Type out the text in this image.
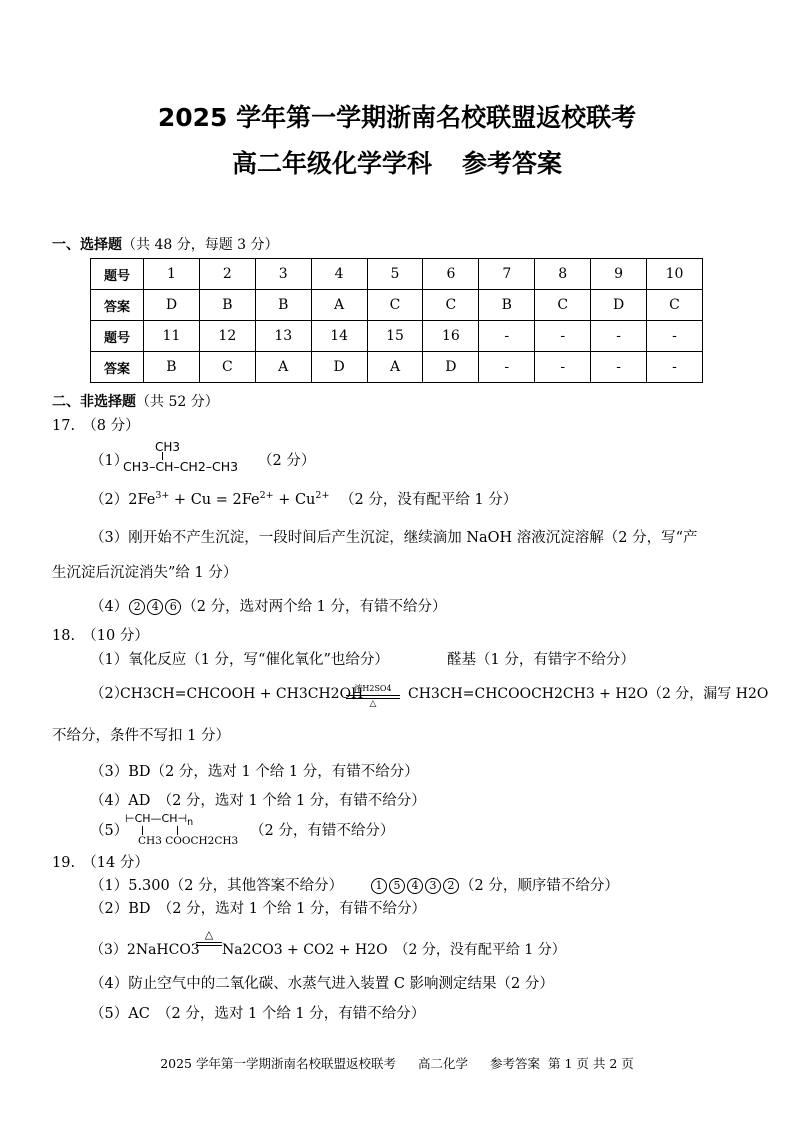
2025 学年第一学期浙南名校联盟返校联考
高二年级化学学科 参考答案
一、选择题（共 48 分，每题 3 分）
题号	1	2	3	4	5	6	7	8	9	10
答案	D	B	B	A	C	C	B	C	D	C
题号	11	12	13	14	15	16	-	-	-	-
答案	B	C	A	D	A	D	-	-	-	-
二、非选择题（共 52 分）
17.　（8 分）
（1）
CH3
CH3–CH–CH2–CH3 （2 分）
$(2)2Fe^{3+} + Cu = 2Fe^{2+} + Cu^{2+}$ （2 分，没有配平给 1 分）
（3）刚开始不产生沉淀，一段时间后产生沉淀，继续滴加 NaOH 溶液沉淀溶解（2 分，写“产
生沉淀后沉淀消失”给 1 分）
（4） 2 4 6 （2 分，选对两个给 1 分，有错不给分）
18.　（10 分）
（1）氧化反应（1 分，写“催化氧化”也给分）	醛基（1 分，有错字不给分）
（2）
CH3CH=CHCOOH + CH3CH2OH
浓H2SO4
△
CH3CH=CHCOOCH2CH3 + H2O（2 分，漏写 H2O
不给分，条件不写扣 1 分）
（3）BD（2 分，选对 1 个给 1 分，有错不给分）
（4）AD　（2 分，选对 1 个给 1 分，有错不给分）
（5）
$⊢CH—CH⊣_n$
CH3 COOCH2CH3
（2 分，有错不给分）
19.　（14 分）
（1）5.300（2 分，其他答案不给分）	1 5 4 3 2 （2 分，顺序错不给分）
（2）BD　（2 分，选对 1 个给 1 分，有错不给分）
（3）2NaHCO3
△
Na2CO3 + CO2 + H2O　（2 分，没有配平给 1 分）
（4）防止空气中的二氧化碳、水蒸气进入装置 C 影响测定结果（2 分）
（5）AC　（2 分，选对 1 个给 1 分，有错不给分）
2025 学年第一学期浙南名校联盟返校联考 高二化学 参考答案 第 1 页 共 2 页
